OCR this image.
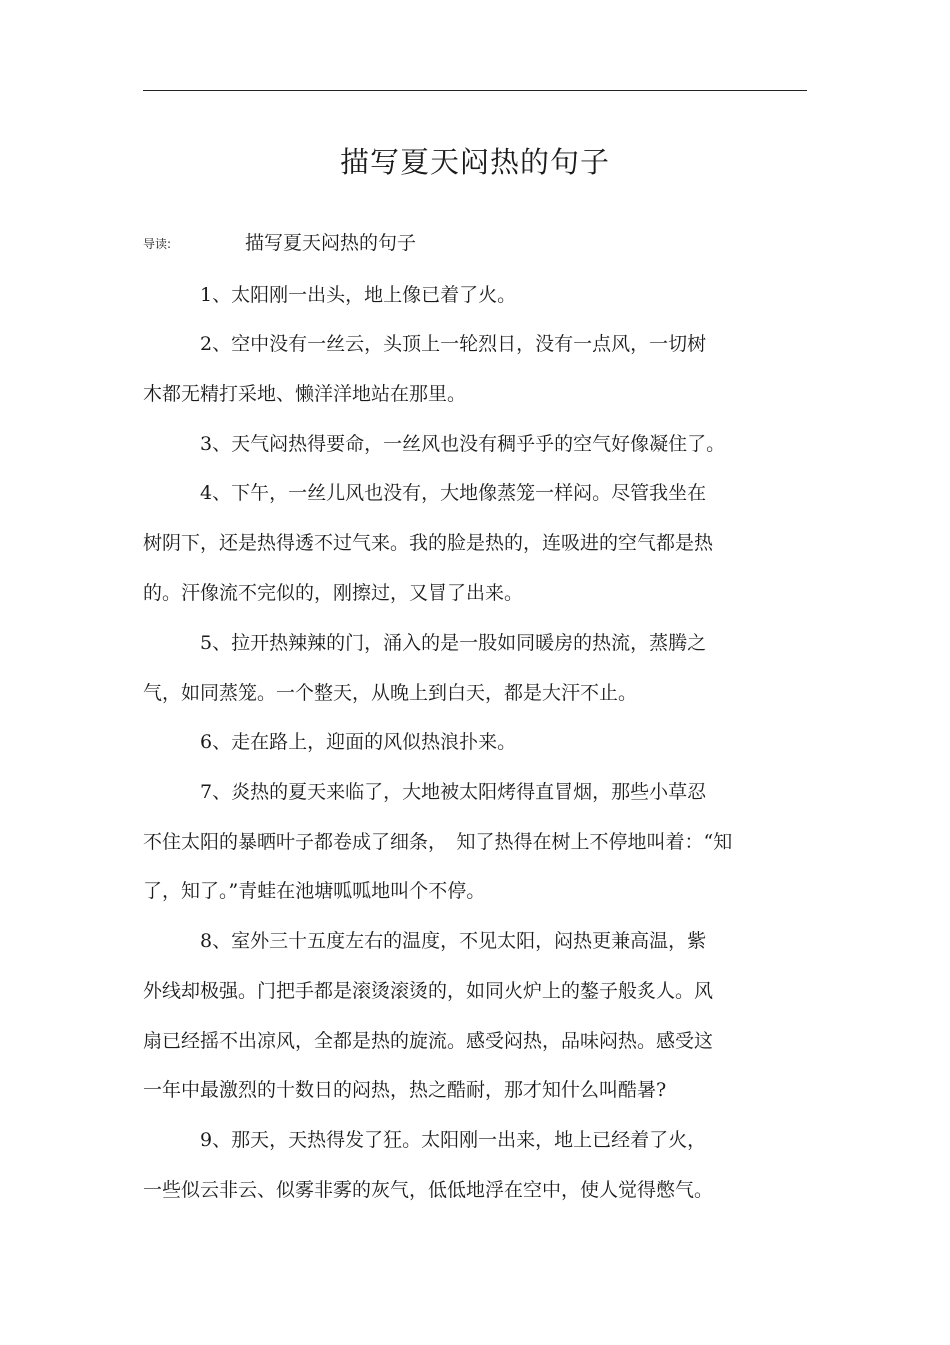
描写夏天闷热的句子
导读:	描写夏天闷热的句子
1、太阳刚一出头，地上像已着了火。
2、空中没有一丝云，头顶上一轮烈日，没有一点风，一切树
木都无精打采地、懒洋洋地站在那里。
3、天气闷热得要命，一丝风也没有稠乎乎的空气好像凝住了。
4、下午，一丝儿风也没有，大地像蒸笼一样闷。尽管我坐在
树阴下，还是热得透不过气来。我的脸是热的，连吸进的空气都是热
的。汗像流不完似的，刚擦过，又冒了出来。
5、拉开热辣辣的门，涌入的是一股如同暖房的热流，蒸腾之
气，如同蒸笼。一个整天，从晚上到白天，都是大汗不止。
6、走在路上，迎面的风似热浪扑来。
7、炎热的夏天来临了，大地被太阳烤得直冒烟，那些小草忍
不住太阳的暴晒叶子都卷成了细条，　知了热得在树上不停地叫着：“知
了，知了。”青蛙在池塘呱呱地叫个不停。
8、室外三十五度左右的温度，不见太阳，闷热更兼高温，紫
外线却极强。门把手都是滚烫滚烫的，如同火炉上的鏊子般炙人。风
扇已经摇不出凉风，全都是热的旋流。感受闷热，品味闷热。感受这
一年中最激烈的十数日的闷热，热之酷耐，那才知什么叫酷暑?
9、那天，天热得发了狂。太阳刚一出来，地上已经着了火，
一些似云非云、似雾非雾的灰气，低低地浮在空中，使人觉得憋气。
